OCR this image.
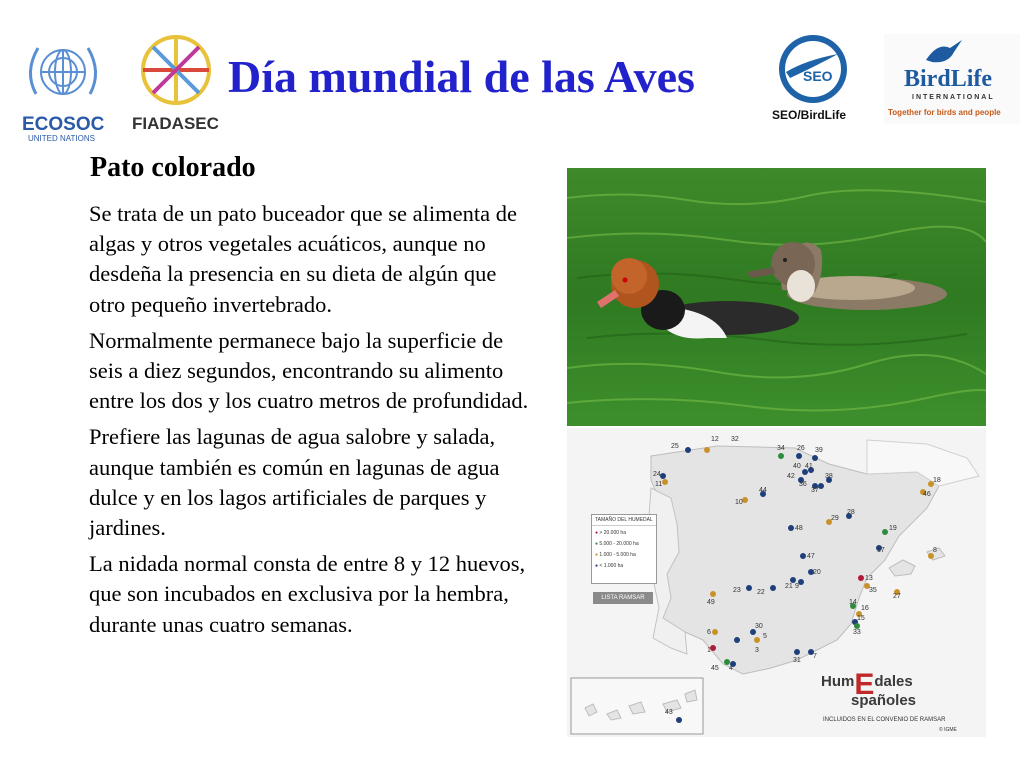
ECOSOC
UNITED NATIONS
FIADASEC
Día mundial de las Aves	SEO
SEO/BirdLife
BirdLife
INTERNATIONAL
Together for birds and people
Pato colorado

Se trata de un pato buceador que se alimenta de algas y otros vegetales acuáticos, aunque no desdeña la presencia en su dieta de algún que otro pequeño invertebrado.

Normalmente permanece bajo la superficie de seis a diez segundos, encontrando su alimento entre los dos y los cuatro metros de profundidad.

Prefiere las lagunas de agua salobre y salada, aunque también es común en lagunas de agua dulce y en los lagos artificiales de parques y jardines.

La nidada normal consta de entre 8 y 12 huevos, que son incubados en exclusiva por la hembra, durante unas cuatro semanas.

25
12 32
34 26 39
24
11
40 41
42
36
37
38
44
10
18
46
28
29
48	19
17
47
8
20
13
23 22
21 9
49
35
27
14
16
15
6
30
33
1	3
5
45 4
31
7
43
TAMAÑO DEL HUMEDAL
● > 20.000 ha
● 5.000 - 20.000 ha
● 1.000 - 5.000 ha
● < 1.000 ha
LISTA RAMSAR
HumEdales
spañoles
INCLUIDOS EN EL CONVENIO DE RAMSAR
© IGME
